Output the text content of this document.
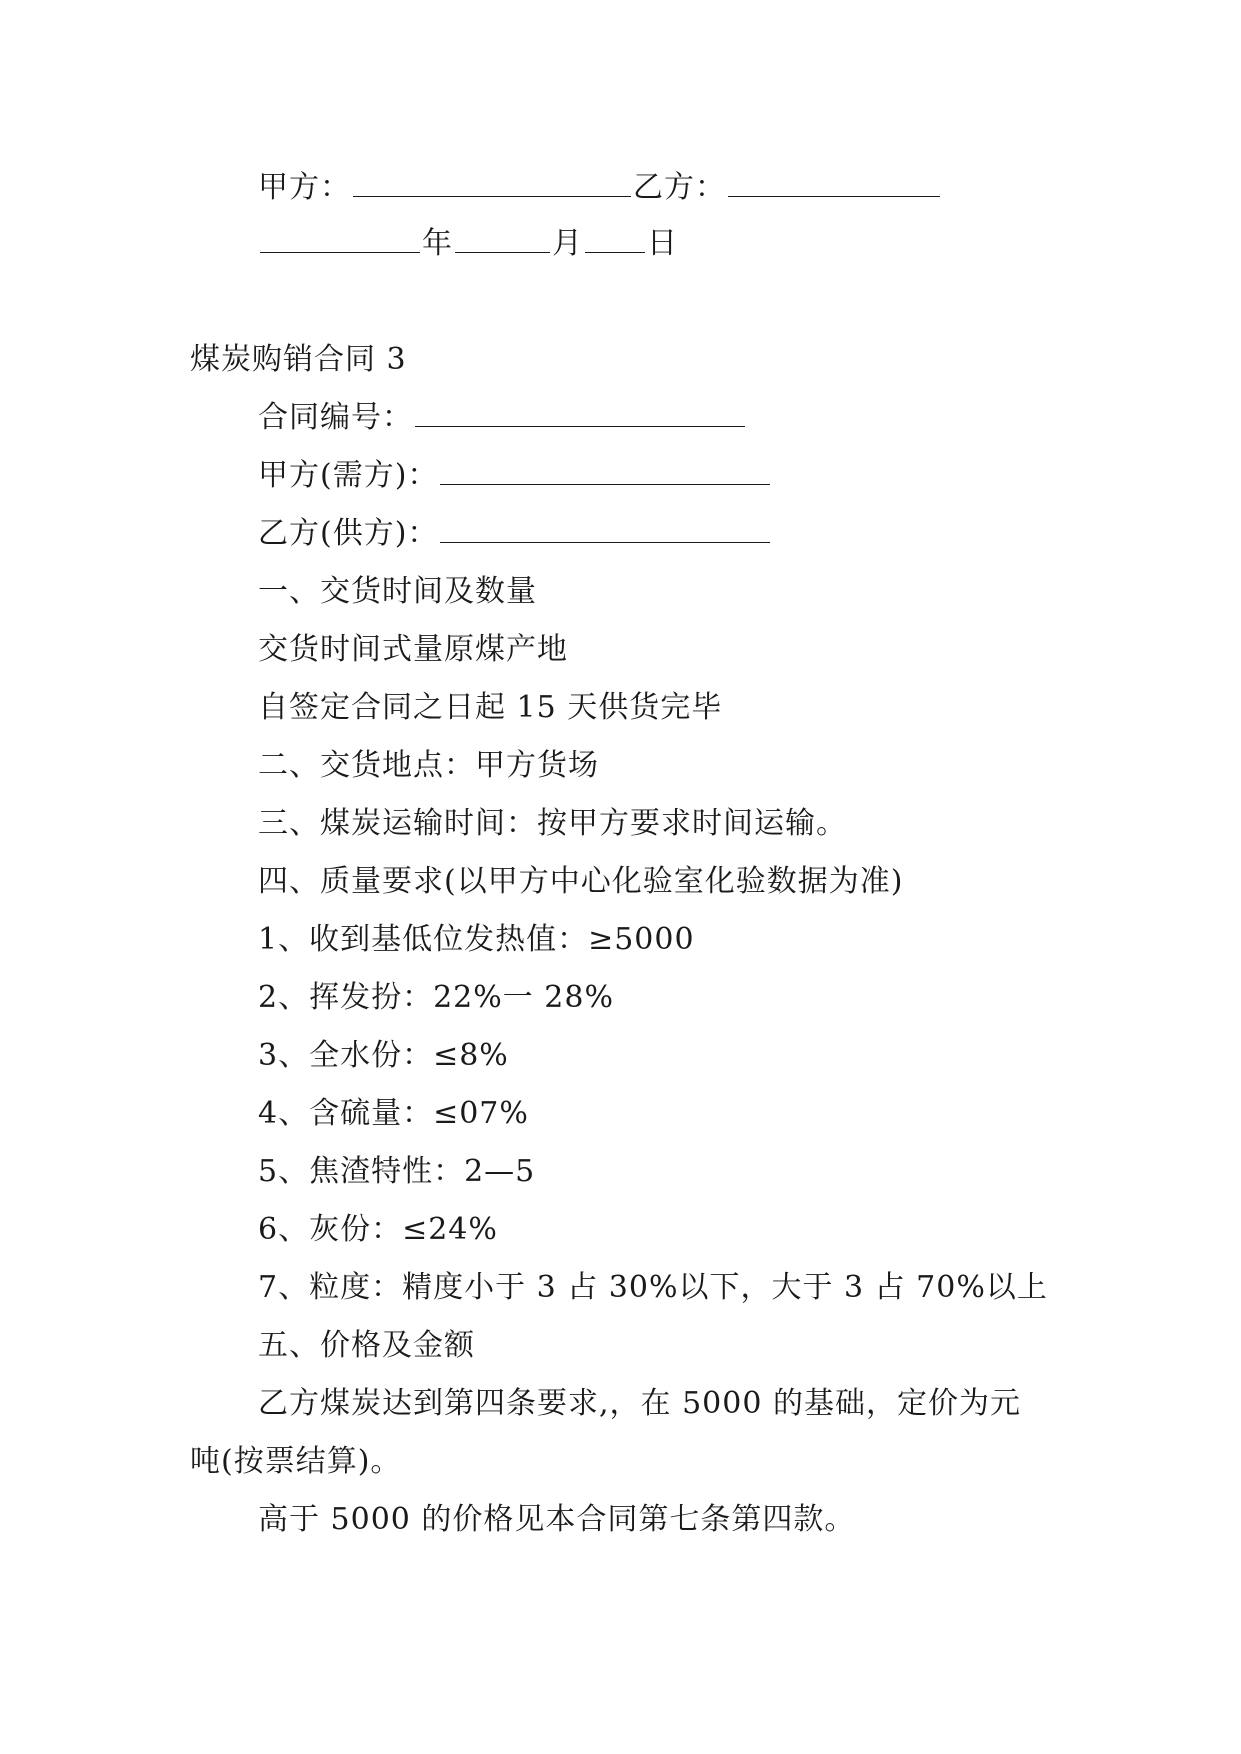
甲方：	乙方：
年	月 日
煤炭购销合同 3
合同编号：
甲方(需方)：
乙方(供方)：
一、交货时间及数量
交货时间式量原煤产地
自签定合同之日起 15 天供货完毕
二、交货地点：甲方货场
三、煤炭运输时间：按甲方要求时间运输。
四、质量要求(以甲方中心化验室化验数据为准)
1、收到基低位发热值：≥5000
2、挥发扮：22%一 28%
3、全水份：≤8%
4、含硫量：≤07%
5、焦渣特性：2—5
6、灰份：≤24%
7、粒度：精度小于 3 占 30%以下，大于 3 占 70%以上
五、价格及金额
乙方煤炭达到第四条要求,，在 5000 的基础，定价为元
吨(按票结算)。
高于 5000 的价格见本合同第七条第四款。
